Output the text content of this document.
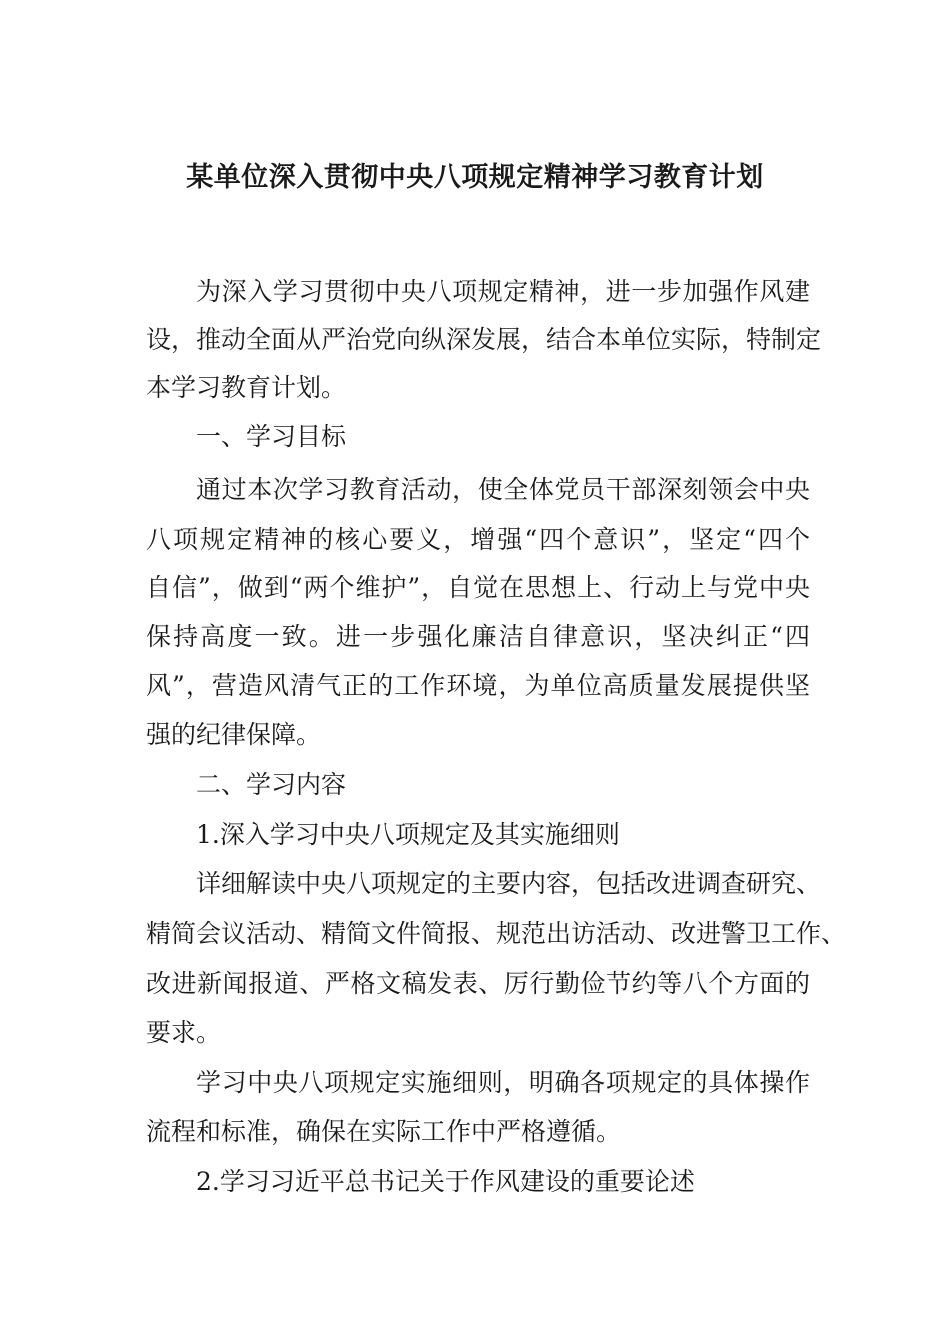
某单位深入贯彻中央八项规定精神学习教育计划
为深入学习贯彻中央八项规定精神，进一步加强作风建
设，推动全面从严治党向纵深发展，结合本单位实际，特制定
本学习教育计划。
一、学习目标
通过本次学习教育活动，使全体党员干部深刻领会中央
八项规定精神的核心要义，增强“四个意识”，坚定“四个
自信”，做到“两个维护”，自觉在思想上、行动上与党中央
保持高度一致。进一步强化廉洁自律意识，坚决纠正“四
风”，营造风清气正的工作环境，为单位高质量发展提供坚
强的纪律保障。
二、学习内容
1.深入学习中央八项规定及其实施细则
详细解读中央八项规定的主要内容，包括改进调查研究、
精简会议活动、精简文件简报、规范出访活动、改进警卫工作、
改进新闻报道、严格文稿发表、厉行勤俭节约等八个方面的
要求。
学习中央八项规定实施细则，明确各项规定的具体操作
流程和标准，确保在实际工作中严格遵循。
2.学习习近平总书记关于作风建设的重要论述
